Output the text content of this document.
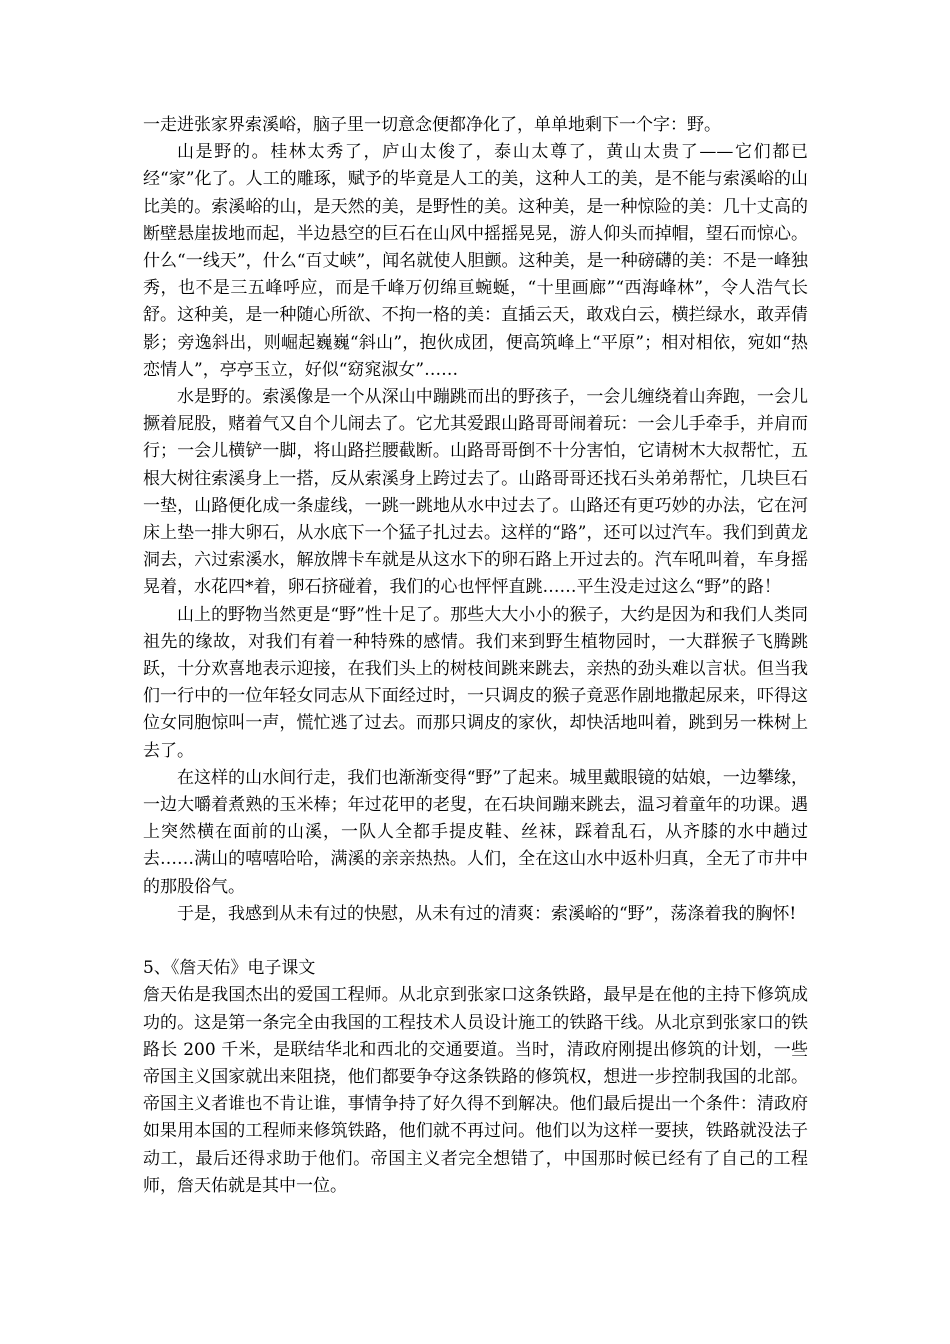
一走进张家界索溪峪，脑子里一切意念便都净化了，单单地剩下一个字：野。

山是野的。桂林太秀了，庐山太俊了，泰山太尊了，黄山太贵了——它们都已经“家”化了。人工的雕琢，赋予的毕竟是人工的美，这种人工的美，是不能与索溪峪的山比美的。索溪峪的山，是天然的美，是野性的美。这种美，是一种惊险的美：几十丈高的断壁悬崖拔地而起，半边悬空的巨石在山风中摇摇晃晃，游人仰头而掉帽，望石而惊心。什么“一线天”，什么“百丈峡”，闻名就使人胆颤。这种美，是一种磅礴的美：不是一峰独秀，也不是三五峰呼应，而是千峰万仞绵亘蜿蜒，“十里画廊”“西海峰林”，令人浩气长舒。这种美，是一种随心所欲、不拘一格的美：直插云天，敢戏白云，横拦绿水，敢弄倩影；旁逸斜出，则崛起巍巍“斜山”，抱伙成团，便高筑峰上“平原”；相对相依，宛如“热恋情人”，亭亭玉立，好似“窈窕淑女”……

水是野的。索溪像是一个从深山中蹦跳而出的野孩子，一会儿缠绕着山奔跑，一会儿撅着屁股，赌着气又自个儿闹去了。它尤其爱跟山路哥哥闹着玩：一会儿手牵手，并肩而行；一会儿横铲一脚，将山路拦腰截断。山路哥哥倒不十分害怕，它请树木大叔帮忙，五根大树往索溪身上一搭，反从索溪身上跨过去了。山路哥哥还找石头弟弟帮忙，几块巨石一垫，山路便化成一条虚线，一跳一跳地从水中过去了。山路还有更巧妙的办法，它在河床上垫一排大卵石，从水底下一个猛子扎过去。这样的“路”，还可以过汽车。我们到黄龙洞去，六过索溪水，解放牌卡车就是从这水下的卵石路上开过去的。汽车吼叫着，车身摇晃着，水花四*着，卵石挤碰着，我们的心也怦怦直跳……平生没走过这么“野”的路！

山上的野物当然更是“野”性十足了。那些大大小小的猴子，大约是因为和我们人类同祖先的缘故，对我们有着一种特殊的感情。我们来到野生植物园时，一大群猴子飞腾跳跃，十分欢喜地表示迎接，在我们头上的树枝间跳来跳去，亲热的劲头难以言状。但当我们一行中的一位年轻女同志从下面经过时，一只调皮的猴子竟恶作剧地撒起尿来，吓得这位女同胞惊叫一声，慌忙逃了过去。而那只调皮的家伙，却快活地叫着，跳到另一株树上去了。

在这样的山水间行走，我们也渐渐变得“野”了起来。城里戴眼镜的姑娘，一边攀缘，一边大嚼着煮熟的玉米棒；年过花甲的老叟，在石块间蹦来跳去，温习着童年的功课。遇上突然横在面前的山溪，一队人全都手提皮鞋、丝袜，踩着乱石，从齐膝的水中趟过去……满山的嘻嘻哈哈，满溪的亲亲热热。人们，全在这山水中返朴归真，全无了市井中的那股俗气。

于是，我感到从未有过的快慰，从未有过的清爽：索溪峪的“野”，荡涤着我的胸怀!

5、《詹天佑》电子课文

詹天佑是我国杰出的爱国工程师。从北京到张家口这条铁路，最早是在他的主持下修筑成功的。这是第一条完全由我国的工程技术人员设计施工的铁路干线。从北京到张家口的铁路长 200 千米，是联结华北和西北的交通要道。当时，清政府刚提出修筑的计划，一些帝国主义国家就出来阻挠，他们都要争夺这条铁路的修筑权，想进一步控制我国的北部。帝国主义者谁也不肯让谁，事情争持了好久得不到解决。他们最后提出一个条件：清政府如果用本国的工程师来修筑铁路，他们就不再过问。他们以为这样一要挟，铁路就没法子动工，最后还得求助于他们。帝国主义者完全想错了，中国那时候已经有了自己的工程师，詹天佑就是其中一位。
